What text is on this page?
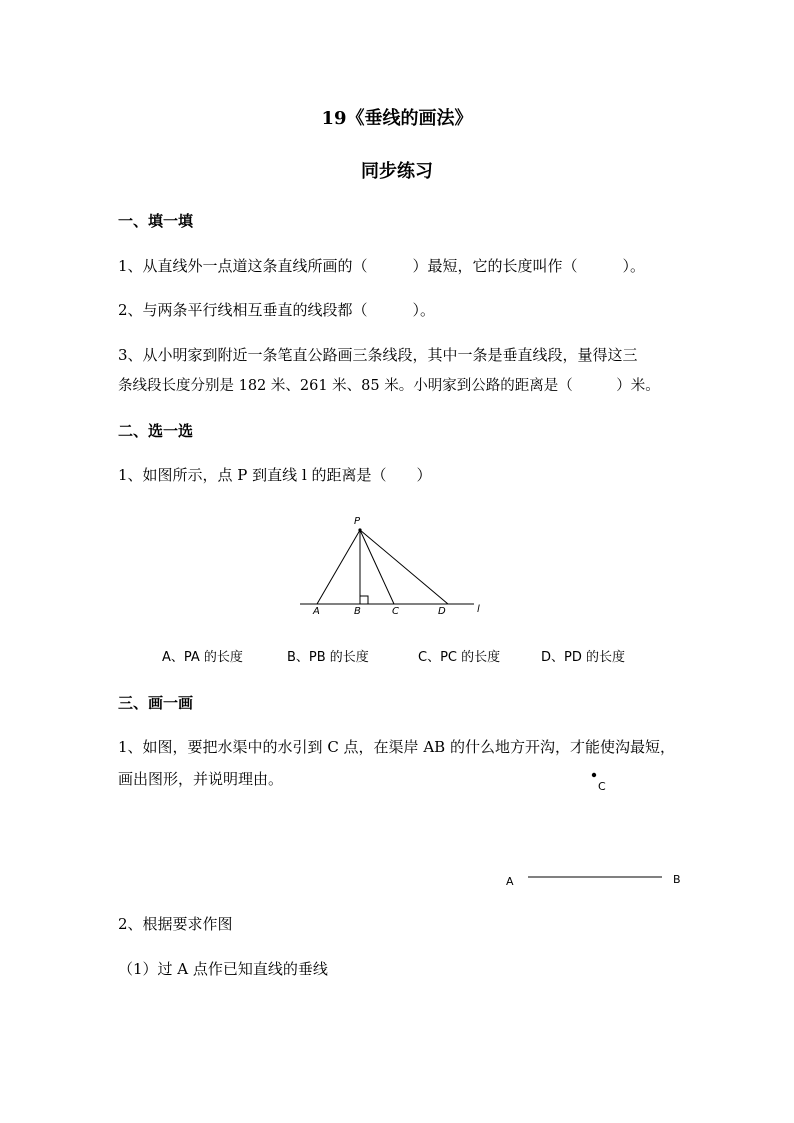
19《垂线的画法》
同步练习
一、填一填
1、从直线外一点道这条直线所画的（　　　）最短，它的长度叫作（　　　）。
2、与两条平行线相互垂直的线段都（　　　）。
3、从小明家到附近一条笔直公路画三条线段，其中一条是垂直线段，量得这三
条线段长度分别是 182 米、261 米、85 米。小明家到公路的距离是（　　　）米。
二、选一选
1、如图所示，点 P 到直线 l 的距离是（　　）
P
A	B	C	D	l
A、PA 的长度	B、PB 的长度	C、PC 的长度	D、PD 的长度
三、画一画
1、如图，要把水渠中的水引到 C 点，在渠岸 AB 的什么地方开沟，才能使沟最短，
画出图形，并说明理由。	C
A	B
2、根据要求作图
（1）过 A 点作已知直线的垂线
